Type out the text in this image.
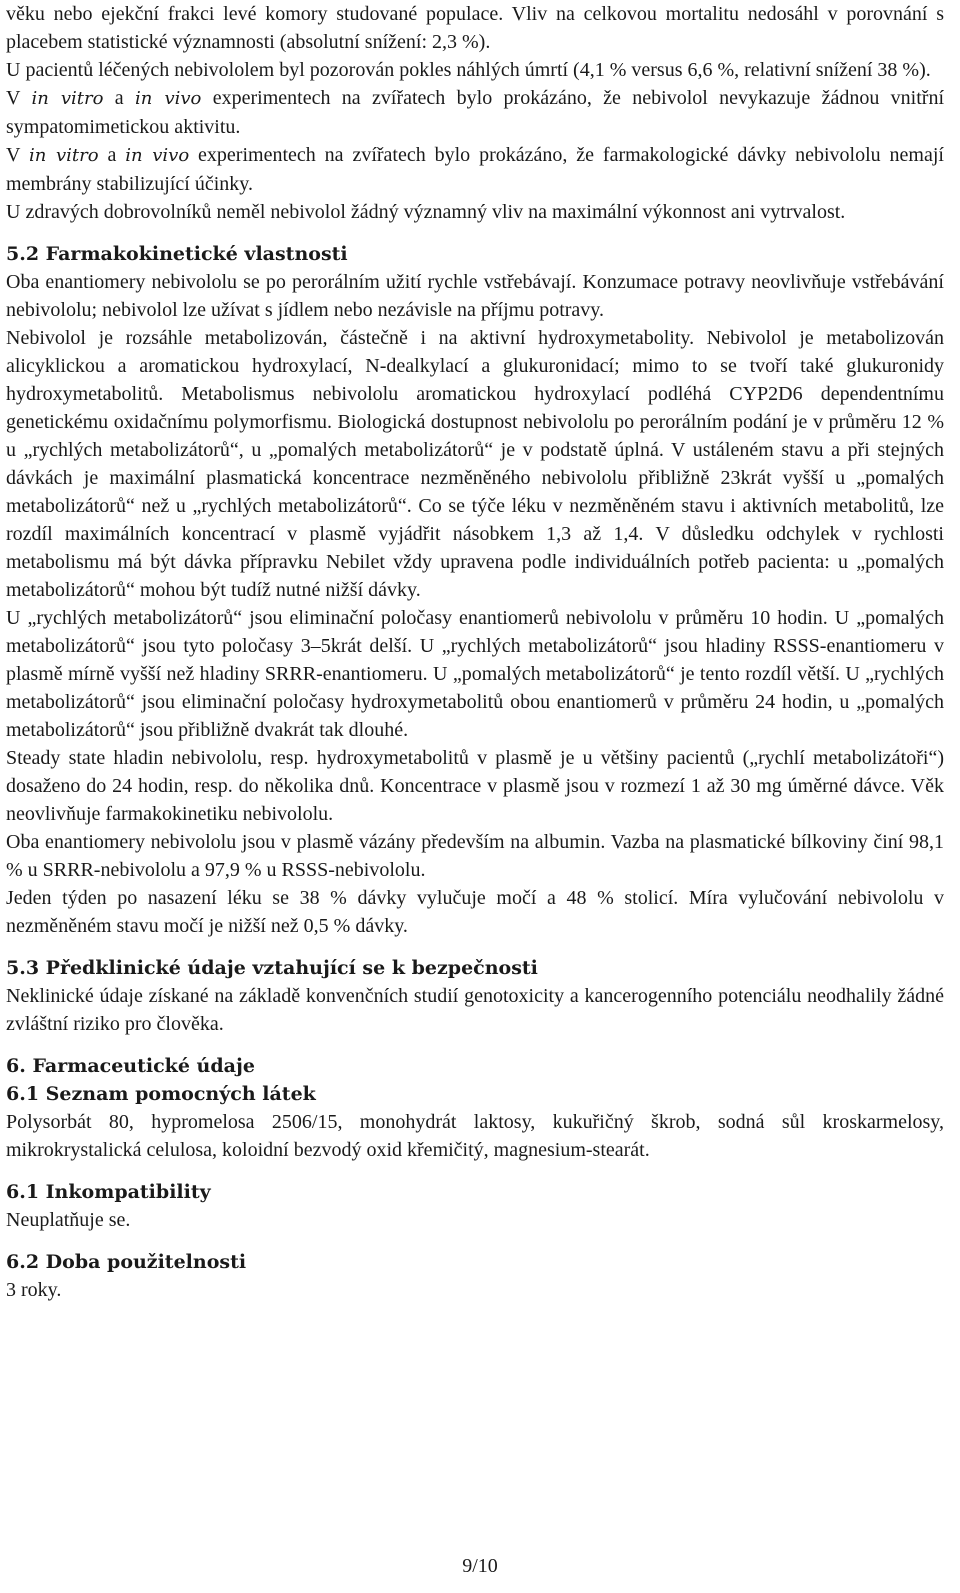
věku nebo ejekční frakci levé komory studované populace. Vliv na celkovou mortalitu nedosáhl v porovnání s placebem statistické významnosti (absolutní snížení: 2,3 %).

U pacientů léčených nebivololem byl pozorován pokles náhlých úmrtí (4,1 % versus 6,6 %, relativní snížení 38 %).

V in vitro a in vivo experimentech na zvířatech bylo prokázáno, že nebivolol nevykazuje žádnou vnitřní sympatomimetickou aktivitu.

V in vitro a in vivo experimentech na zvířatech bylo prokázáno, že farmakologické dávky nebivololu nemají membrány stabilizující účinky.

U zdravých dobrovolníků neměl nebivolol žádný významný vliv na maximální výkonnost ani vytrvalost.

5.2 Farmakokinetické vlastnosti

Oba enantiomery nebivololu se po perorálním užití rychle vstřebávají. Konzumace potravy neovlivňuje vstřebávání nebivololu; nebivolol lze užívat s jídlem nebo nezávisle na příjmu potravy.

Nebivolol je rozsáhle metabolizován, částečně i na aktivní hydroxymetabolity. Nebivolol je metabolizován alicyklickou a aromatickou hydroxylací, N-dealkylací a glukuronidací; mimo to se tvoří také glukuronidy hydroxymetabolitů. Metabolismus nebivololu aromatickou hydroxylací podléhá CYP2D6 dependentnímu genetickému oxidačnímu polymorfismu. Biologická dostupnost nebivololu po perorálním podání je v průměru 12 % u „rychlých metabolizátorů“, u „pomalých metabolizátorů“ je v podstatě úplná. V ustáleném stavu a při stejných dávkách je maximální plasmatická koncentrace nezměněného nebivololu přibližně 23krát vyšší u „pomalých metabolizátorů“ než u „rychlých metabolizátorů“. Co se týče léku v nezměněném stavu i aktivních metabolitů, lze rozdíl maximálních koncentrací v plasmě vyjádřit násobkem 1,3 až 1,4. V důsledku odchylek v rychlosti metabolismu má být dávka přípravku Nebilet vždy upravena podle individuálních potřeb pacienta: u „pomalých metabolizátorů“ mohou být tudíž nutné nižší dávky.

U „rychlých metabolizátorů“ jsou eliminační poločasy enantiomerů nebivololu v průměru 10 hodin. U „pomalých metabolizátorů“ jsou tyto poločasy 3–5krát delší. U „rychlých metabolizátorů“ jsou hladiny RSSS-enantiomeru v plasmě mírně vyšší než hladiny SRRR-enantiomeru. U „pomalých metabolizátorů“ je tento rozdíl větší. U „rychlých metabolizátorů“ jsou eliminační poločasy hydroxymetabolitů obou enantiomerů v průměru 24 hodin, u „pomalých metabolizátorů“ jsou přibližně dvakrát tak dlouhé.

Steady state hladin nebivololu, resp. hydroxymetabolitů v plasmě je u většiny pacientů („rychlí metabolizátoři“) dosaženo do 24 hodin, resp. do několika dnů. Koncentrace v plasmě jsou v rozmezí 1 až 30 mg úměrné dávce. Věk neovlivňuje farmakokinetiku nebivololu.

Oba enantiomery nebivololu jsou v plasmě vázány především na albumin. Vazba na plasmatické bílkoviny činí 98,1 % u SRRR-nebivololu a 97,9 % u RSSS-nebivololu.

Jeden týden po nasazení léku se 38 % dávky vylučuje močí a 48 % stolicí. Míra vylučování nebivololu v nezměněném stavu močí je nižší než 0,5 % dávky.

5.3 Předklinické údaje vztahující se k bezpečnosti

Neklinické údaje získané na základě konvenčních studií genotoxicity a kancerogenního potenciálu neodhalily žádné zvláštní riziko pro člověka.

6. Farmaceutické údaje
6.1 Seznam pomocných látek

Polysorbát 80, hypromelosa 2506/15, monohydrát laktosy, kukuřičný škrob, sodná sůl kroskarmelosy, mikrokrystalická celulosa, koloidní bezvodý oxid křemičitý, magnesium-stearát.

6.1 Inkompatibility

Neuplatňuje se.

6.2 Doba použitelnosti

3 roky.

9/10
